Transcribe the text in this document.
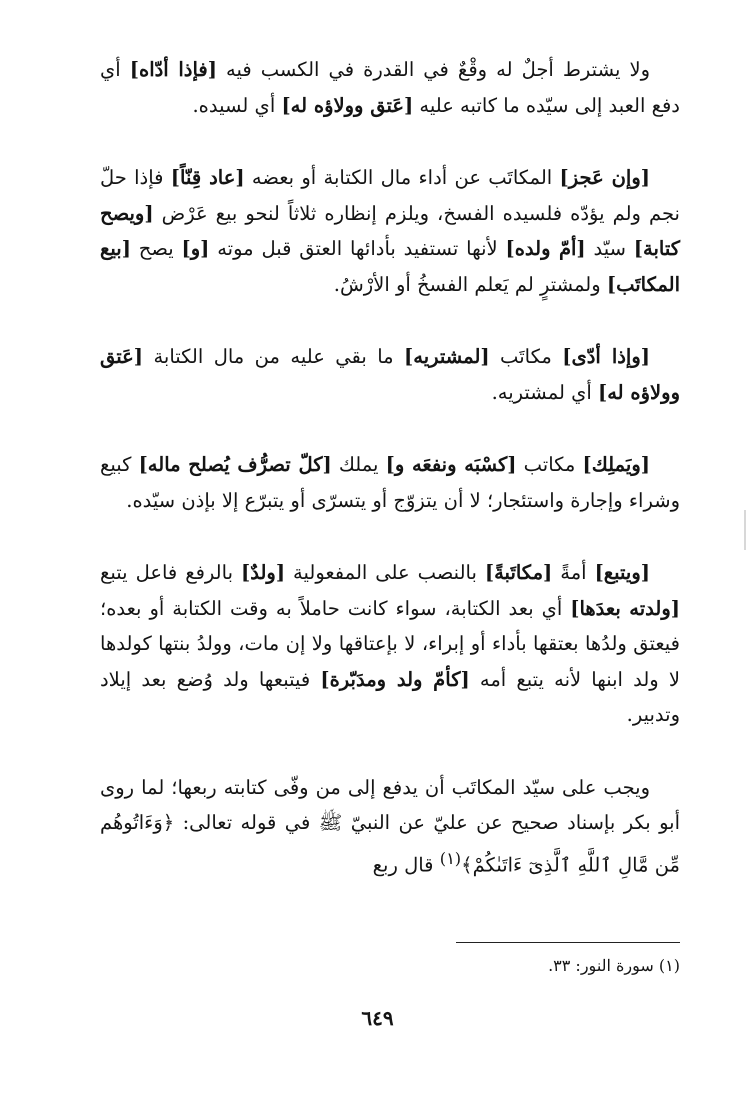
ولا يشترط أجلٌ له وقْعٌ في القدرة في الكسب فيه [فإذا أدّاه] أي دفع العبد إلى سيّده ما كاتبه عليه [عَتق وولاؤه له] أي لسيده.

[وإن عَجز] المكاتَب عن أداء مال الكتابة أو بعضه [عاد قِنّاً] فإذا حلّ نجم ولم يؤدّه فلسيده الفسخ، ويلزم إنظاره ثلاثاً لنحو بيع عَرْض [ويصح كتابة] سيّد [أمّ ولده] لأنها تستفيد بأدائها العتق قبل موته [و] يصح [بيع المكاتَب] ولمشترٍ لم يَعلم الفسخُ أو الأرْشُ.

[وإذا أدّى] مكاتَب [لمشتريه] ما بقي عليه من مال الكتابة [عَتق وولاؤه له] أي لمشتريه.

[ويَملِك] مكاتب [كسْبَه ونفعَه و] يملك [كلّ تصرُّف يُصلح ماله] كبيع وشراء وإجارة واستئجار؛ لا أن يتزوّج أو يتسرّى أو يتبرّع إلا بإذن سيّده.

[ويتبع] أمةً [مكاتَبةً] بالنصب على المفعولية [ولدٌ] بالرفع فاعل يتبع [ولدته بعدَها] أي بعد الكتابة، سواء كانت حاملاً به وقت الكتابة أو بعده؛ فيعتق ولدُها بعتقها بأداء أو إبراء، لا بإعتاقها ولا إن مات، وولدُ بنتها كولدها لا ولد ابنها لأنه يتبع أمه [كأمّ ولد ومدَبّرة] فيتبعها ولد وُضع بعد إيلاد وتدبير.

ويجب على سيّد المكاتَب أن يدفع إلى من وفّى كتابته ربعها؛ لما روى أبو بكر بإسناد صحيح عن عليّ عن النبيّ ﷺ في قوله تعالى: ﴿وَءَاتُوهُم مِّن مَّالِ ٱللَّهِ ٱلَّذِىٓ ءَاتَىٰكُمْ﴾$^{(١)}$ قال ربع

(١) سورة النور: ٣٣.
٦٤٩
